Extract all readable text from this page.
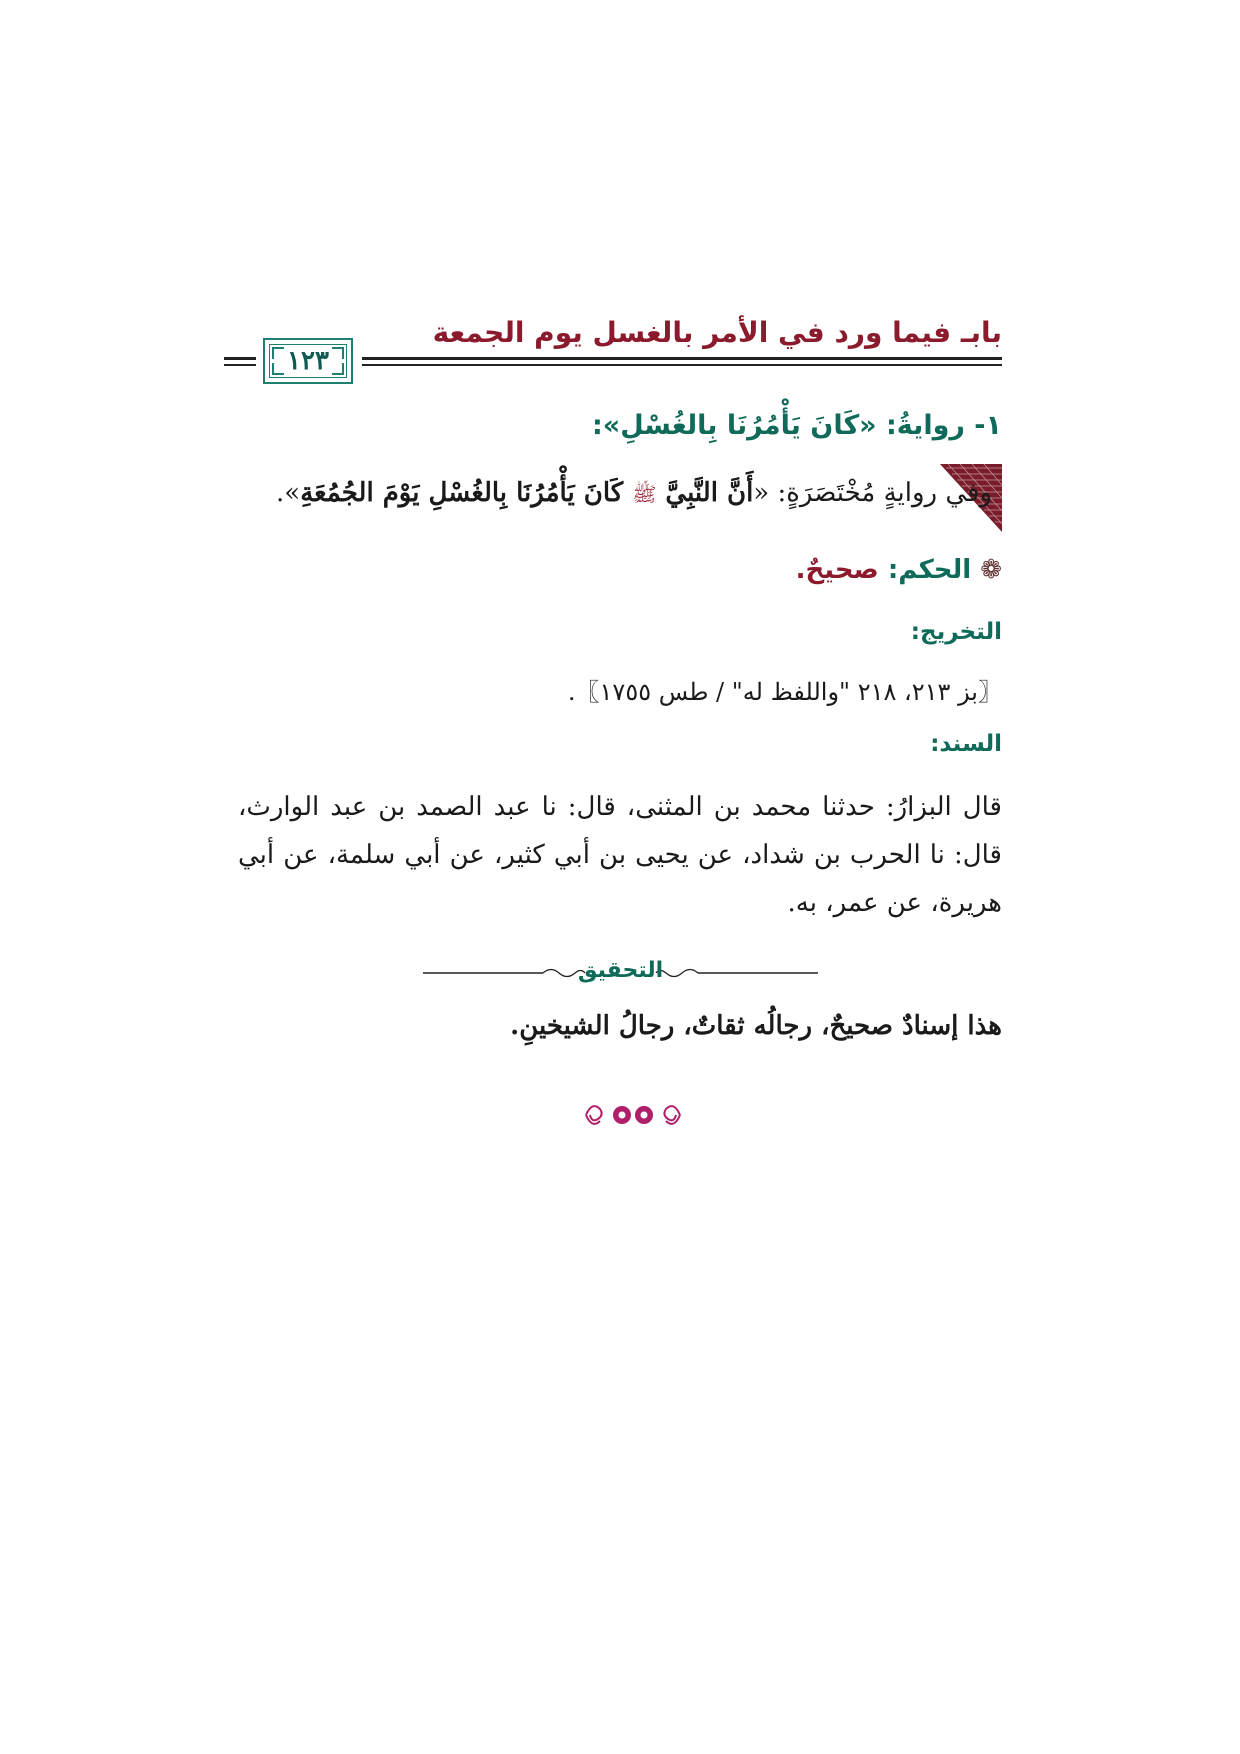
بابـ فيما ورد في الأمر بالغسل يوم الجمعة
١٢٣
١- روايةُ: «كَانَ يَأْمُرُنَا بِالغُسْلِ»:
وفي روايةٍ مُخْتَصَرَةٍ: «أَنَّ النَّبِيَّ ﷺ كَانَ يَأْمُرُنَا بِالغُسْلِ يَوْمَ الجُمُعَةِ».
❁ الحكم: صحيحٌ.
التخريج:
〖بز ٢١٣، ٢١٨ "واللفظ له" / طس ١٧٥٥〗.
السند:
قال البزارُ: حدثنا محمد بن المثنى، قال: نا عبد الصمد بن عبد الوارث، قال: نا الحرب بن شداد، عن يحيى بن أبي كثير، عن أبي سلمة، عن أبي هريرة، عن عمر، به.
التحقيق
هذا إسنادٌ صحيحٌ، رجالُه ثقاتٌ، رجالُ الشيخينِ.
